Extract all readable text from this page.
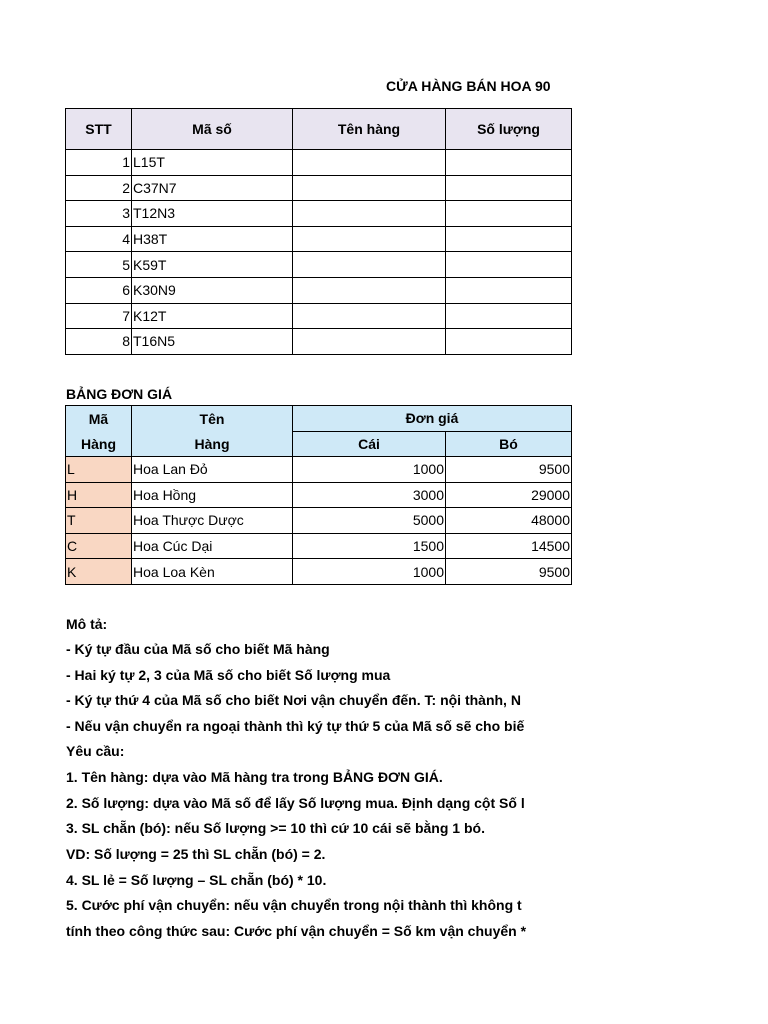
CỬA HÀNG BÁN HOA 90
STT	Mã số	Tên hàng	Số lượng
1	L15T		
2	C37N7		
3	T12N3		
4	H38T		
5	K59T		
6	K30N9		
7	K12T		
8	T16N5		
BẢNG ĐƠN GIÁ
Mã	Tên	Đơn giá	
Hàng	Hàng	Cái	Bó
L	Hoa Lan Đỏ	1000	9500
H	Hoa Hồng	3000	29000
T	Hoa Thược Dược	5000	48000
C	Hoa Cúc Dại	1500	14500
K	Hoa Loa Kèn	1000	9500
Mô tả:
- Ký tự đầu của Mã số cho biết Mã hàng
- Hai ký tự 2, 3 của Mã số cho biết Số lượng mua
- Ký tự thứ 4 của Mã số cho biết Nơi vận chuyển đến. T: nội thành, N
- Nếu vận chuyển ra ngoại thành thì ký tự thứ 5 của Mã số sẽ cho biế
Yêu cầu:
1. Tên hàng: dựa vào Mã hàng tra trong BẢNG ĐƠN GIÁ.
2. Số lượng: dựa vào Mã số để lấy Số lượng mua. Định dạng cột Số l
3. SL chẵn (bó): nếu Số lượng >= 10 thì cứ 10 cái sẽ bằng 1 bó.
VD: Số lượng = 25 thì SL chẵn (bó) = 2.
4. SL lẻ = Số lượng – SL chẵn (bó) * 10.
5. Cước phí vận chuyển: nếu vận chuyển trong nội thành thì không t
tính theo công thức sau: Cước phí vận chuyển = Số km vận chuyển *
